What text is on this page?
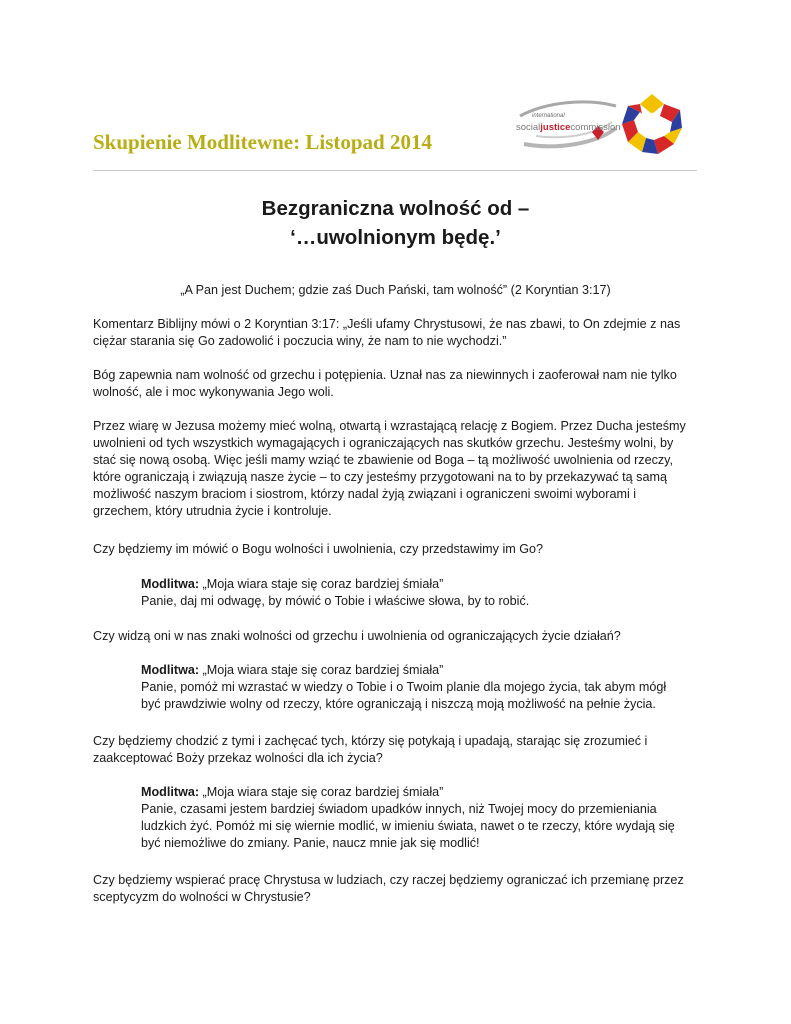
Skupienie Modlitewne: Listopad 2014
international
socialjusticecommission
Bezgraniczna wolność od –
‘…uwolnionym będę.’
„A Pan jest Duchem; gdzie zaś Duch Pański, tam wolność” (2 Koryntian 3:17)
Komentarz Biblijny mówi o 2 Koryntian 3:17: „Jeśli ufamy Chrystusowi, że nas zbawi, to On zdejmie z nas
ciężar starania się Go zadowolić i poczucia winy, że nam to nie wychodzi.”
Bóg zapewnia nam wolność od grzechu i potępienia. Uznał nas za niewinnych i zaoferował nam nie tylko
wolność, ale i moc wykonywania Jego woli.
Przez wiarę w Jezusa możemy mieć wolną, otwartą i wzrastającą relację z Bogiem. Przez Ducha jesteśmy
uwolnieni od tych wszystkich wymagających i ograniczających nas skutków grzechu. Jesteśmy wolni, by
stać się nową osobą. Więc jeśli mamy wziąć te zbawienie od Boga – tą możliwość uwolnienia od rzeczy,
które ograniczają i związują nasze życie – to czy jesteśmy przygotowani na to by przekazywać tą samą
możliwość naszym braciom i siostrom, którzy nadal żyją związani i ograniczeni swoimi wyborami i
grzechem, który utrudnia życie i kontroluje.
Czy będziemy im mówić o Bogu wolności i uwolnienia, czy przedstawimy im Go?
Modlitwa: „Moja wiara staje się coraz bardziej śmiała”
Panie, daj mi odwagę, by mówić o Tobie i właściwe słowa, by to robić.
Czy widzą oni w nas znaki wolności od grzechu i uwolnienia od ograniczających życie działań?
Modlitwa: „Moja wiara staje się coraz bardziej śmiała”
Panie, pomóż mi wzrastać w wiedzy o Tobie i o Twoim planie dla mojego życia, tak abym mógł
być prawdziwie wolny od rzeczy, które ograniczają i niszczą moją możliwość na pełnie życia.
Czy będziemy chodzić z tymi i zachęcać tych, którzy się potykają i upadają, starając się zrozumieć i
zaakceptować Boży przekaz wolności dla ich życia?
Modlitwa: „Moja wiara staje się coraz bardziej śmiała”
Panie, czasami jestem bardziej świadom upadków innych, niż Twojej mocy do przemieniania
ludzkich żyć. Pomóż mi się wiernie modlić, w imieniu świata, nawet o te rzeczy, które wydają się
być niemożliwe do zmiany. Panie, naucz mnie jak się modlić!
Czy będziemy wspierać pracę Chrystusa w ludziach, czy raczej będziemy ograniczać ich przemianę przez
sceptycyzm do wolności w Chrystusie?
